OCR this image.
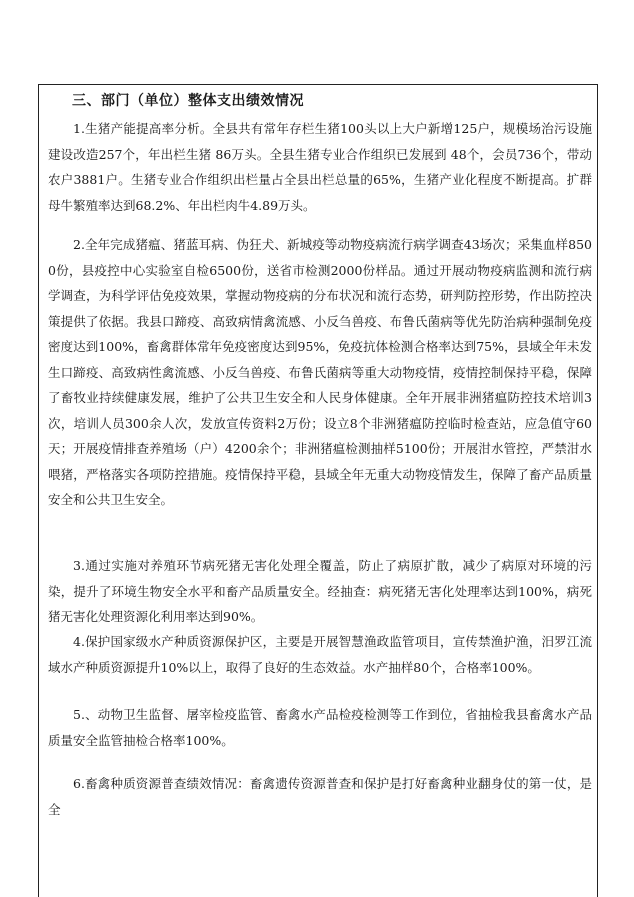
三、部门（单位）整体支出绩效情况

1.生猪产能提高率分析。全县共有常年存栏生猪100头以上大户新增125户，规模场治污设施建设改造257个，年出栏生猪 86万头。全县生猪专业合作组织已发展到 48个，会员736个，带动农户3881户。生猪专业合作组织出栏量占全县出栏总量的65%，生猪产业化程度不断提高。扩群母牛繁殖率达到68.2%、年出栏肉牛4.89万头。

2.全年完成猪瘟、猪蓝耳病、伪狂犬、新城疫等动物疫病流行病学调查43场次；采集血样8500份，县疫控中心实验室自检6500份，送省市检测2000份样品。通过开展动物疫病监测和流行病学调查，为科学评估免疫效果，掌握动物疫病的分布状况和流行态势，研判防控形势，作出防控决策提供了依据。我县口蹄疫、高致病情禽流感、小反刍兽疫、布鲁氏菌病等优先防治病种强制免疫密度达到100%，畜禽群体常年免疫密度达到95%，免疫抗体检测合格率达到75%，县域全年未发生口蹄疫、高致病性禽流感、小反刍兽疫、布鲁氏菌病等重大动物疫情，疫情控制保持平稳，保障了畜牧业持续健康发展，维护了公共卫生安全和人民身体健康。全年开展非洲猪瘟防控技术培训3次，培训人员300余人次，发放宣传资料2万份；设立8个非洲猪瘟防控临时检查站，应急值守60天；开展疫情排查养殖场（户）4200余个；非洲猪瘟检测抽样5100份；开展泔水管控，严禁泔水喂猪，严格落实各项防控措施。疫情保持平稳，县域全年无重大动物疫情发生，保障了畜产品质量安全和公共卫生安全。

3.通过实施对养殖环节病死猪无害化处理全覆盖，防止了病原扩散，减少了病原对环境的污染，提升了环境生物安全水平和畜产品质量安全。经抽查：病死猪无害化处理率达到100%，病死猪无害化处理资源化利用率达到90%。

4.保护国家级水产种质资源保护区，主要是开展智慧渔政监管项目，宣传禁渔护渔，汨罗江流域水产种质资源提升10%以上，取得了良好的生态效益。水产抽样80个，合格率100%。

5.、动物卫生监督、屠宰检疫监管、畜禽水产品检疫检测等工作到位，省抽检我县畜禽水产品质量安全监管抽检合格率100%。

6.畜禽种质资源普查绩效情况：畜禽遗传资源普查和保护是打好畜禽种业翻身仗的第一仗，是全
